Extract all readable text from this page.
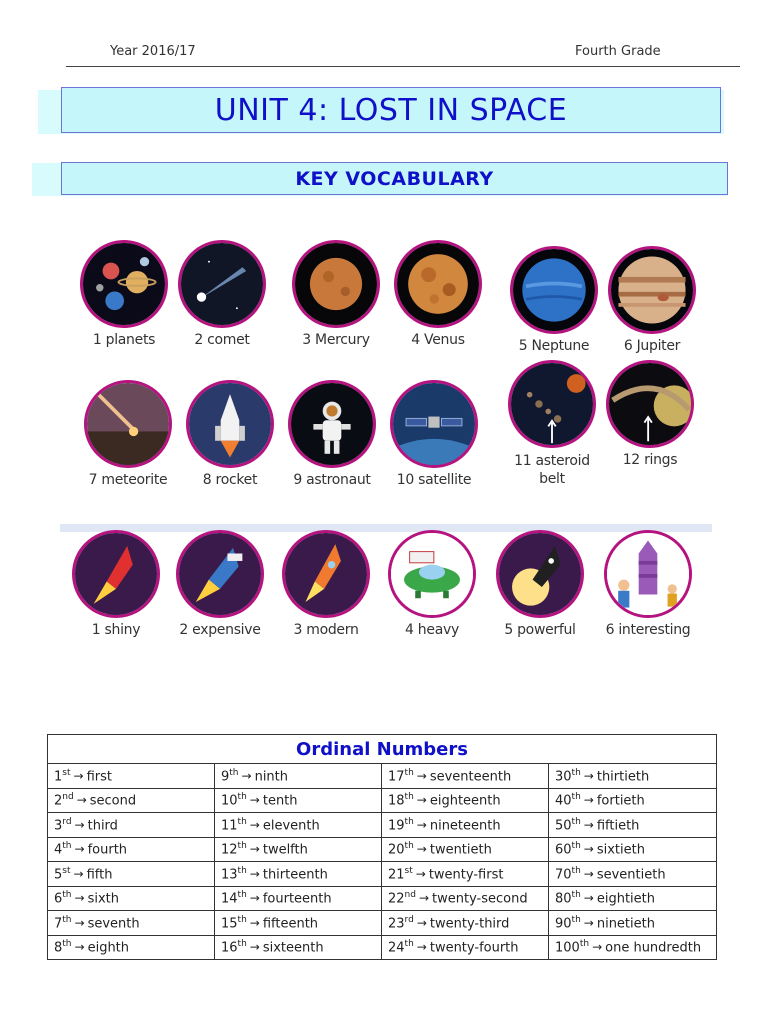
Year 2016/17	Fourth Grade
UNIT 4: LOST IN SPACE
KEY VOCABULARY
1 planets	2 comet	3 Mercury	4 Venus	5 Neptune	6 Jupiter
7 meteorite	8 rocket	9 astronaut	10 satellite
11 asteroid belt
12 rings
1 shiny	2 expensive	3 modern	4 heavy	5 powerful	6 interesting
Ordinal Numbers			
1st → first	9th → ninth	17th → seventeenth	30th → thirtieth
2nd → second	10th → tenth	18th → eighteenth	40th → fortieth
3rd → third	11th → eleventh	19th → nineteenth	50th → fiftieth
4th → fourth	12th → twelfth	20th → twentieth	60th → sixtieth
5st → fifth	13th → thirteenth	21st → twenty-first	70th → seventieth
6th → sixth	14th → fourteenth	22nd → twenty-second	80th → eightieth
7th → seventh	15th → fifteenth	23rd → twenty-third	90th → ninetieth
8th → eighth	16th → sixteenth	24th → twenty-fourth	100th → one hundredth
